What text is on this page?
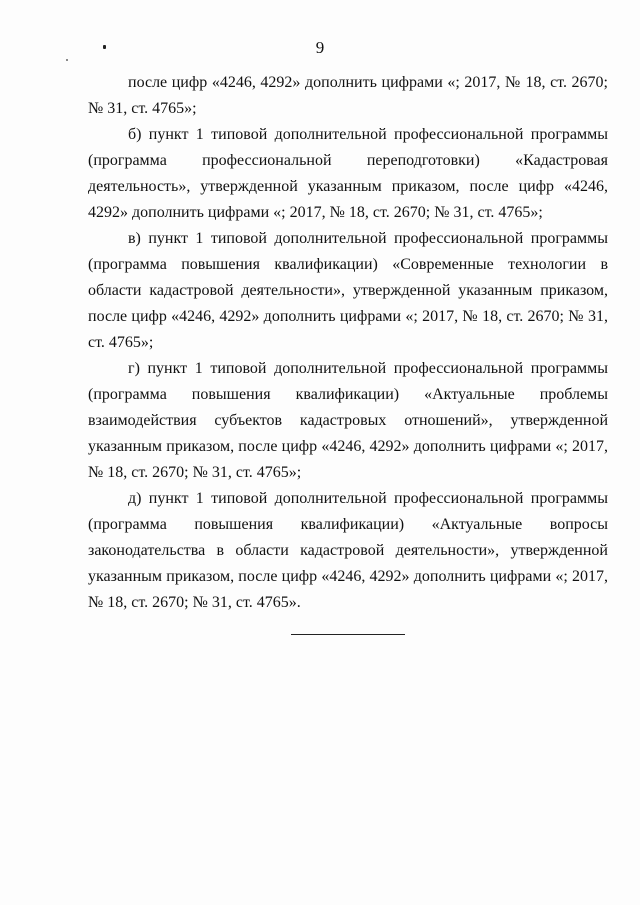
9

после цифр «4246, 4292» дополнить цифрами «; 2017, № 18, ст. 2670; № 31, ст. 4765»;

б) пункт 1 типовой дополнительной профессиональной программы (программа профессиональной переподготовки) «Кадастровая деятельность», утвержденной указанным приказом, после цифр «4246, 4292» дополнить цифрами «; 2017, № 18, ст. 2670; № 31, ст. 4765»;

в) пункт 1 типовой дополнительной профессиональной программы (программа повышения квалификации) «Современные технологии в области кадастровой деятельности», утвержденной указанным приказом, после цифр «4246, 4292» дополнить цифрами «; 2017, № 18, ст. 2670; № 31, ст. 4765»;

г) пункт 1 типовой дополнительной профессиональной программы (программа повышения квалификации) «Актуальные проблемы взаимодействия субъектов кадастровых отношений», утвержденной указанным приказом, после цифр «4246, 4292» дополнить цифрами «; 2017, № 18, ст. 2670; № 31, ст. 4765»;

д) пункт 1 типовой дополнительной профессиональной программы (программа повышения квалификации) «Актуальные вопросы законодательства в области кадастровой деятельности», утвержденной указанным приказом, после цифр «4246, 4292» дополнить цифрами «; 2017, № 18, ст. 2670; № 31, ст. 4765».
